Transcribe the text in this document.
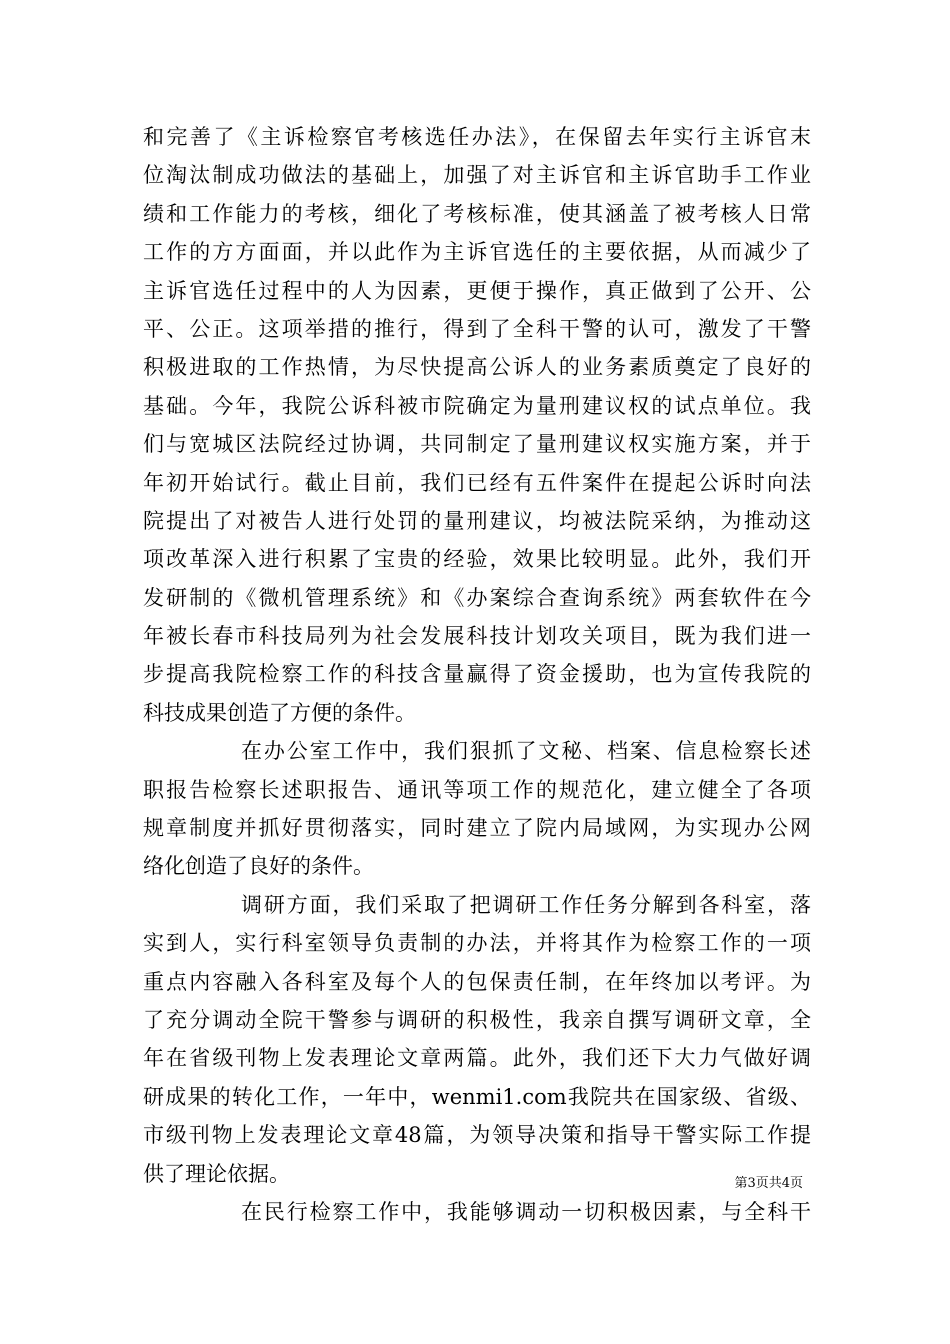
和完善了《主诉检察官考核选任办法》，在保留去年实行主诉官末
位淘汰制成功做法的基础上，加强了对主诉官和主诉官助手工作业
绩和工作能力的考核，细化了考核标准，使其涵盖了被考核人日常
工作的方方面面，并以此作为主诉官选任的主要依据，从而减少了
主诉官选任过程中的人为因素，更便于操作，真正做到了公开、公
平、公正。这项举措的推行，得到了全科干警的认可，激发了干警
积极进取的工作热情，为尽快提高公诉人的业务素质奠定了良好的
基础。今年，我院公诉科被市院确定为量刑建议权的试点单位。我
们与宽城区法院经过协调，共同制定了量刑建议权实施方案，并于
年初开始试行。截止目前，我们已经有五件案件在提起公诉时向法
院提出了对被告人进行处罚的量刑建议，均被法院采纳，为推动这
项改革深入进行积累了宝贵的经验，效果比较明显。此外，我们开
发研制的《微机管理系统》和《办案综合查询系统》两套软件在今
年被长春市科技局列为社会发展科技计划攻关项目，既为我们进一
步提高我院检察工作的科技含量赢得了资金援助，也为宣传我院的
科技成果创造了方便的条件。
在办公室工作中，我们狠抓了文秘、档案、信息检察长述
职报告检察长述职报告、通讯等项工作的规范化，建立健全了各项
规章制度并抓好贯彻落实，同时建立了院内局域网，为实现办公网
络化创造了良好的条件。
调研方面，我们采取了把调研工作任务分解到各科室，落
实到人，实行科室领导负责制的办法，并将其作为检察工作的一项
重点内容融入各科室及每个人的包保责任制，在年终加以考评。为
了充分调动全院干警参与调研的积极性，我亲自撰写调研文章，全
年在省级刊物上发表理论文章两篇。此外，我们还下大力气做好调
研成果的转化工作，一年中，wenmi1.com我院共在国家级、省级、
市级刊物上发表理论文章48篇，为领导决策和指导干警实际工作提
供了理论依据。
在民行检察工作中，我能够调动一切积极因素，与全科干
第3页共4页
